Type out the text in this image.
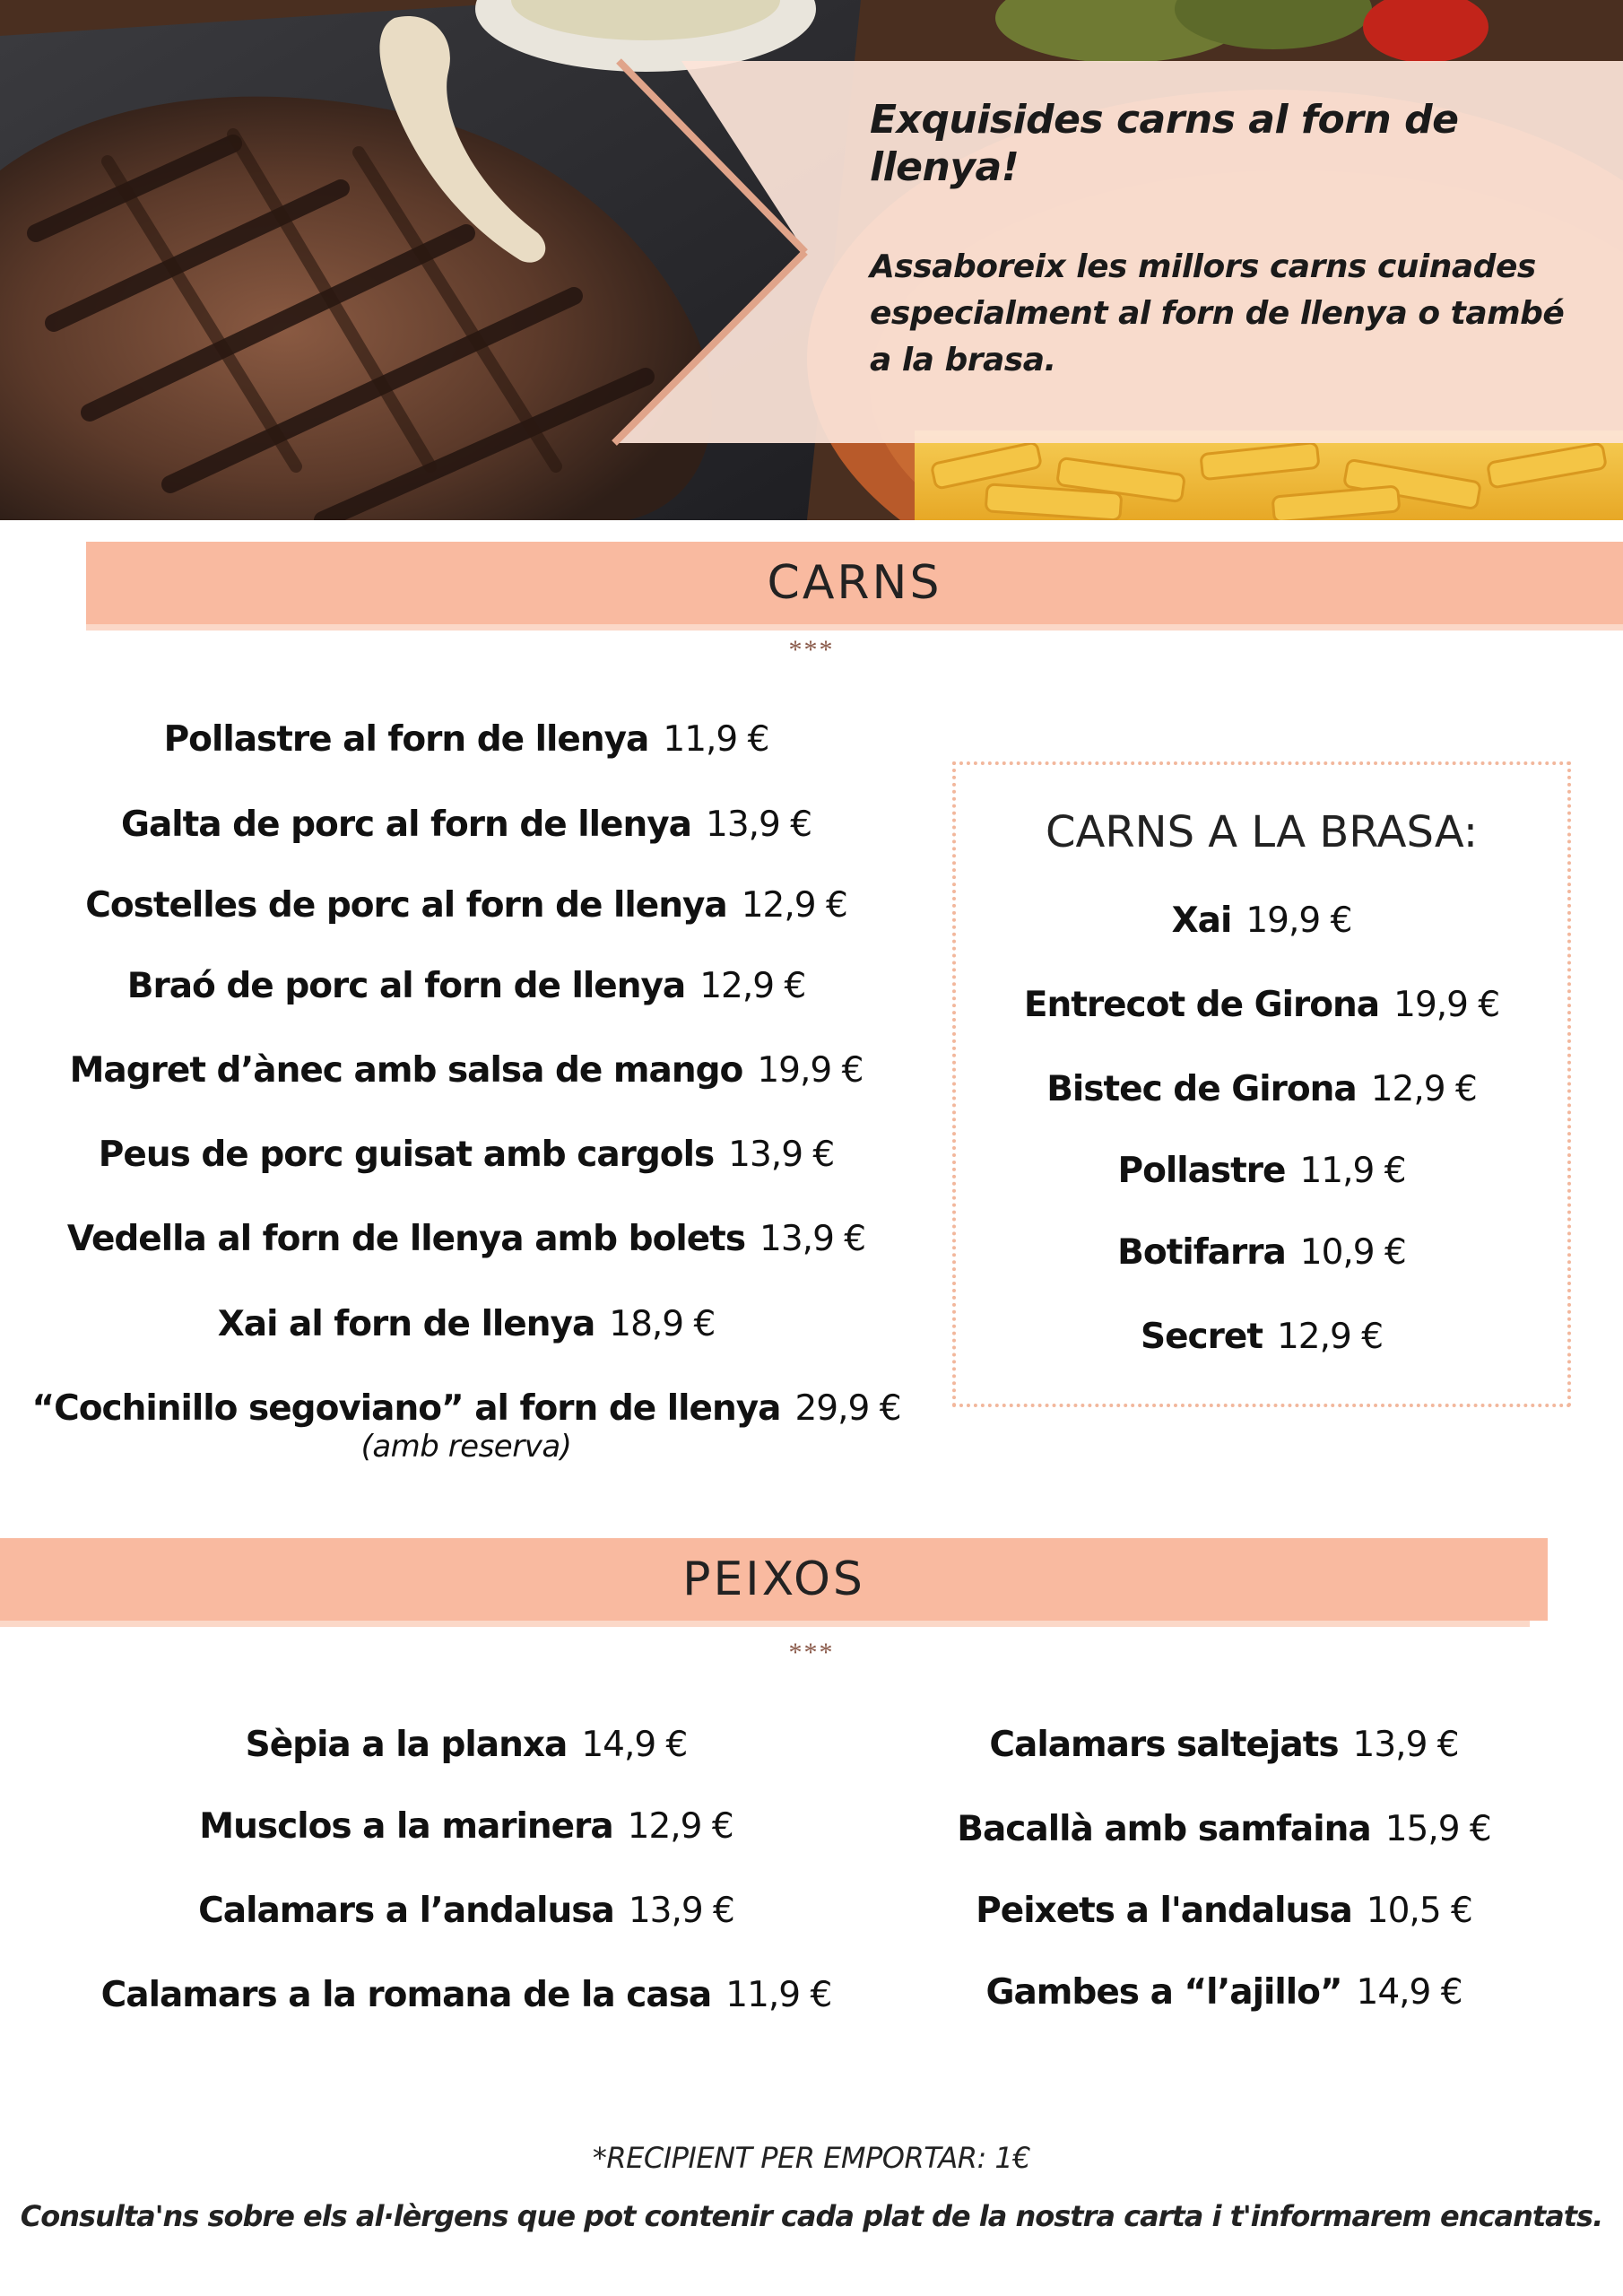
Exquisides carns al forn de llenya!

Assaboreix les millors carns cuinades especialment al forn de llenya o també a la brasa.

CARNS
***
Pollastre al forn de llenya 11,9 €
Galta de porc al forn de llenya 13,9 €
Costelles de porc al forn de llenya 12,9 €
Braó de porc al forn de llenya 12,9 €
Magret d’ànec amb salsa de mango 19,9 €
Peus de porc guisat amb cargols 13,9 €
Vedella al forn de llenya amb bolets 13,9 €
Xai al forn de llenya 18,9 €
“Cochinillo segoviano” al forn de llenya 29,9 €
(amb reserva)
CARNS A LA BRASA:
Xai 19,9 €
Entrecot de Girona 19,9 €
Bistec de Girona 12,9 €
Pollastre 11,9 €
Botifarra 10,9 €
Secret 12,9 €
PEIXOS
***
Sèpia a la planxa 14,9 €
Musclos a la marinera 12,9 €
Calamars a l’andalusa 13,9 €
Calamars a la romana de la casa 11,9 €
Calamars saltejats 13,9 €
Bacallà amb samfaina 15,9 €
Peixets a l'andalusa 10,5 €
Gambes a “l’ajillo” 14,9 €
*RECIPIENT PER EMPORTAR: 1€
Consulta'ns sobre els al·lèrgens que pot contenir cada plat de la nostra carta i t'informarem encantats.
